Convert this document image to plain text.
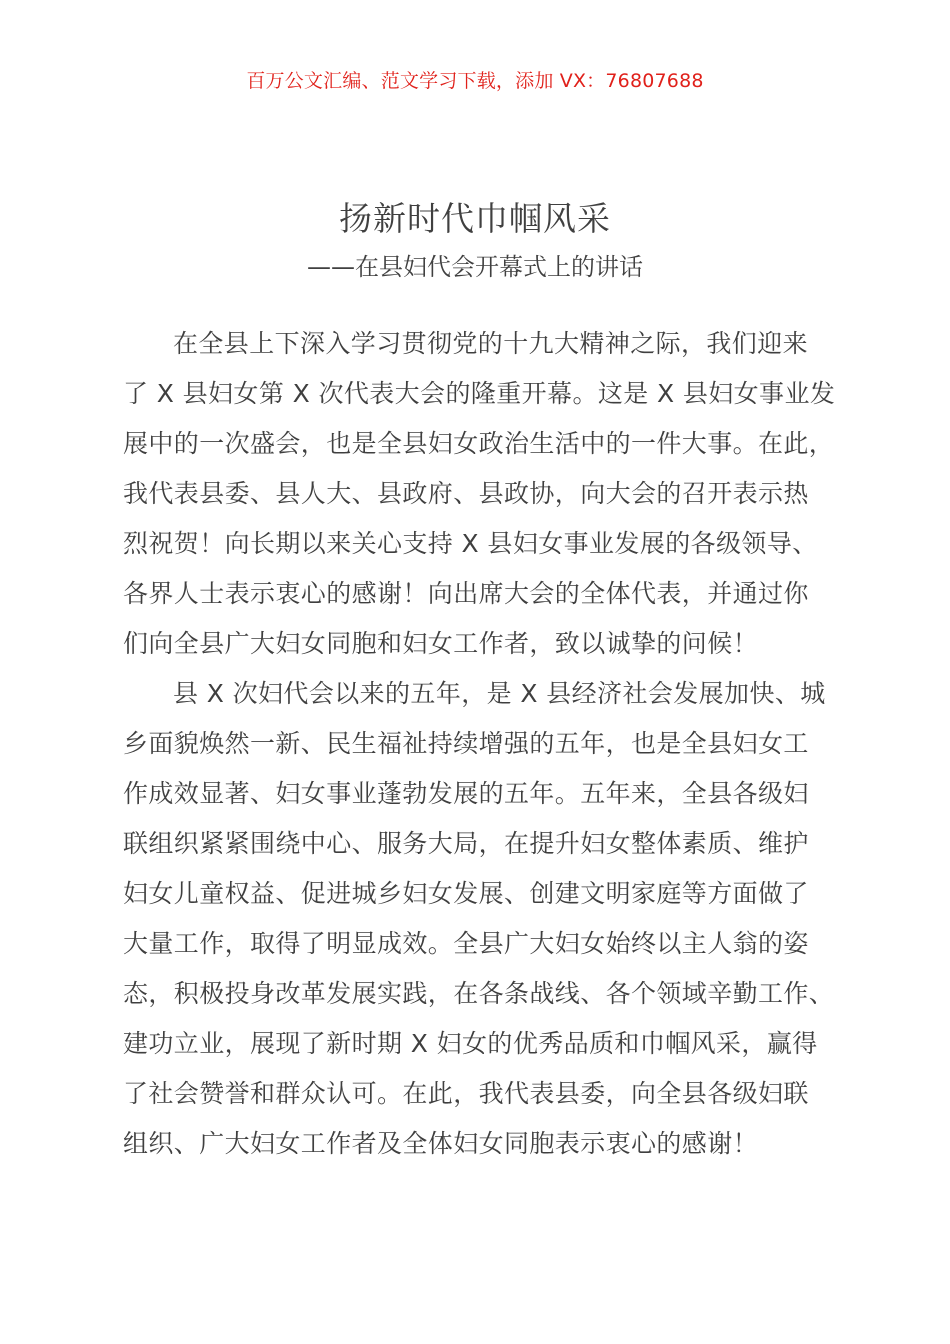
百万公文汇编、范文学习下载，添加 VX：76807688
扬新时代巾帼风采
——在县妇代会开幕式上的讲话
在全县上下深入学习贯彻党的十九大精神之际，我们迎来
了 X 县妇女第 X 次代表大会的隆重开幕。这是 X 县妇女事业发
展中的一次盛会，也是全县妇女政治生活中的一件大事。在此，
我代表县委、县人大、县政府、县政协，向大会的召开表示热
烈祝贺！向长期以来关心支持 X 县妇女事业发展的各级领导、
各界人士表示衷心的感谢！向出席大会的全体代表，并通过你
们向全县广大妇女同胞和妇女工作者，致以诚挚的问候！
县 X 次妇代会以来的五年，是 X 县经济社会发展加快、城
乡面貌焕然一新、民生福祉持续增强的五年，也是全县妇女工
作成效显著、妇女事业蓬勃发展的五年。五年来，全县各级妇
联组织紧紧围绕中心、服务大局，在提升妇女整体素质、维护
妇女儿童权益、促进城乡妇女发展、创建文明家庭等方面做了
大量工作，取得了明显成效。全县广大妇女始终以主人翁的姿
态，积极投身改革发展实践，在各条战线、各个领域辛勤工作、
建功立业，展现了新时期 X 妇女的优秀品质和巾帼风采，赢得
了社会赞誉和群众认可。在此，我代表县委，向全县各级妇联
组织、广大妇女工作者及全体妇女同胞表示衷心的感谢！
